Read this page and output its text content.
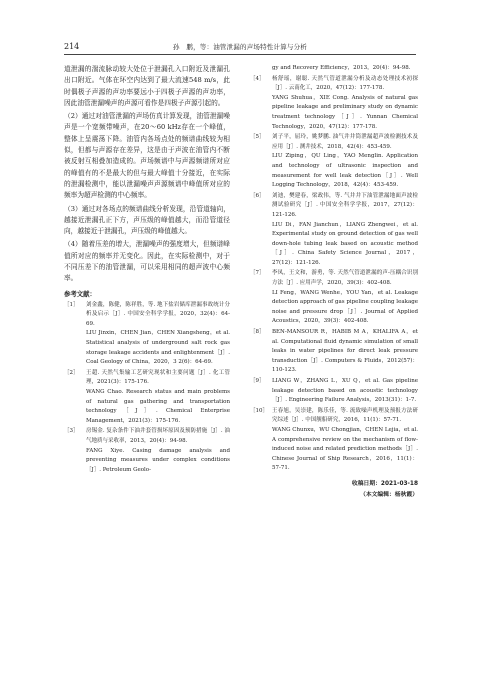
214	孙　鹏，等：油管泄漏的声场特性计算与分析

道泄漏的湍流脉动较大处位于泄漏孔入口附近及泄漏孔出口附近。气体在环空内达到了最大流速548 m/s，此时偶极子声源的声功率要远小于四极子声源的声功率，因此油管泄漏噪声的声源可看作是四极子声源引起的。

（2）通过对油管泄漏的声场仿真计算发现，油管泄漏噪声是一个宽频带噪声，在20～60 kHz存在一个峰值，整体上呈震荡下降。油管内各场点处的频谱曲线较为相似，但都与声源存在差异，这是由于声波在油管内不断被反射互相叠加造成的。声场频谱中与声源频谱所对应的峰值有的不是最大的但与最大峰值十分接近，在实际的泄漏检测中，能以泄漏噪声声源频谱中峰值所对应的频率为超声检测的中心频率。

（3）通过对各场点的频谱曲线分析发现，沿管道轴向，越接近泄漏孔正下方，声压级的峰值越大，而沿管道径向，越接近于泄漏孔，声压级的峰值越大。

（4）随着压差的增大，泄漏噪声的强度增大，但频谱峰值所对应的频率并无变化。因此，在实际检测中，对于不同压差下的油管泄漏，可以采用相同的超声波中心频率。

参考文献：
［1］ 刘金鑫，陈健，陈祥胜，等. 地下盐岩储库泄漏事故统计分析及启示［J］. 中国安全科学学报，2020，32(4)：64-69.
LIU Jinxin，CHEN Jian，CHEN Xiangsheng，et al. Statistical analysis of underground salt rock gas storage leakage accidents and enlightenment［J］. Coal Geology of China，2020，3 2(6)：64-69.
［2］ 王超. 天然气集输工艺研究现状和主要问题［J］. 化工管理，2021(3)：175-176.
WANG Chao. Research status and main problems of natural gas gathering and transportation technology［J］. Chemical Enterprise Management，2021(3)：175-176.
［3］ 房锡金. 复杂条件下油井套管损坏原因及预防措施［J］. 油气地质与采收率，2013，20(4)：94-98.
FANG Xiye. Casing damage analysis and preventing measures under complex conditions［J］. Petroleum Geolo-
gy and Recovery Efficiency，2013，20(4)：94-98.
［4］ 杨舒瑶，谢聪. 天然气管道泄漏分析及动态处理技术初探［J］. 云南化工，2020，47(12)：177-178.
YANG Shuhua，XIE Cong. Analysis of natural gas pipeline leakage and preliminary study on dynamic treatment technology［J］. Yunnan Chemical Technology，2020，47(12)：177-178.
［5］ 刘子平，屈玲，姚梦鹏. 油气井井筒泄漏超声波检测技术及应用［J］. 测井技术，2018，42(4)：453-459.
LIU Ziping，QU Ling，YAO Menglin. Application and technology of ultrasonic inspection and measurement for well leak detection［J］. Well Logging Technology，2018，42(4)：453-459.
［6］ 刘迪，樊建春，梁政伟，等. 气井井下油管泄漏地面声波检测试验研究［J］. 中国安全科学学报，2017，27(12)：121-126.
LIU Di，FAN Jianchun，LIANG Zhengwei，et al. Experimental study on ground detection of gas well down-hole tubing leak based on acoustic method［J］. China Safety Science Journal，2017，27(12)：121-126.
［7］ 李凤，王文和，游勇，等. 天然气管道泄漏的声-压耦合识别方法［J］. 应用声学，2020，39(3)：402-408.
LI Feng，WANG Wenhe，YOU Yan，et al. Leakage detection approach of gas pipeline coupling leakage noise and pressure drop［J］. Journal of Applied Acoustics，2020，39(3)：402-408.
［8］ BEN-MANSOUR R，HABIB M A，KHALIFA A，et al. Computational fluid dynamic simulation of small leaks in water pipelines for direct leak pressure transduction［J］. Computers & Fluids，2012(57)：110-123.
［9］ LIANG W，ZHANG L，XU Q，et al. Gas pipeline leakage detection based on acoustic technology［J］. Engineering Failure Analysis，2013(31)：1-7.
［10］ 王春旭，吴崇建，陈乐佳，等. 流致噪声机理及预报方法研究综述［J］. 中国舰船研究，2016，11(1)：57-71.
WANG Chunxu，WU Chongjian，CHEN Lejia，et al. A comprehensive review on the mechanism of flow-induced noise and related prediction methods［J］. Chinese Journal of Ship Research，2016，11(1)：57-71.
收稿日期：2021-03-18
（本文编辑：杨秋霞）
